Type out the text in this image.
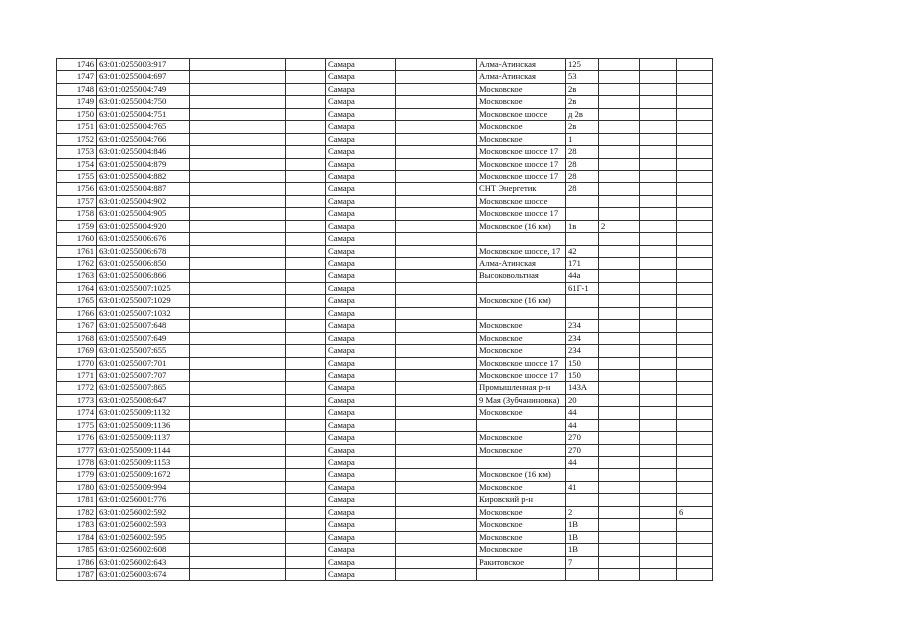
1746	63:01:0255003:917			Самара		Алма-Атинская	125			
1747	63:01:0255004:697			Самара		Алма-Атинская	53			
1748	63:01:0255004:749			Самара		Московское	2в			
1749	63:01:0255004:750			Самара		Московское	2в			
1750	63:01:0255004:751			Самара		Московское шоссе	д 2в			
1751	63:01:0255004:765			Самара		Московское	2в			
1752	63:01:0255004:766			Самара		Московское	1			
1753	63:01:0255004:846			Самара		Московское шоссе 17	28			
1754	63:01:0255004:879			Самара		Московское шоссе 17	28			
1755	63:01:0255004:882			Самара		Московское шоссе 17	28			
1756	63:01:0255004:887			Самара		СНТ Энергетик	28			
1757	63:01:0255004:902			Самара		Московское шоссе				
1758	63:01:0255004:905			Самара		Московское шоссе 17				
1759	63:01:0255004:920			Самара		Московское (16 км)	1в	2		
1760	63:01:0255006:676			Самара						
1761	63:01:0255006:678			Самара		Московское шоссе, 17	42			
1762	63:01:0255006:850			Самара		Алма-Атинская	171			
1763	63:01:0255006:866			Самара		Высоковольтная	44а			
1764	63:01:0255007:1025			Самара			61Г-1			
1765	63:01:0255007:1029			Самара		Московское (16 км)				
1766	63:01:0255007:1032			Самара						
1767	63:01:0255007:648			Самара		Московское	234			
1768	63:01:0255007:649			Самара		Московское	234			
1769	63:01:0255007:655			Самара		Московское	234			
1770	63:01:0255007:701			Самара		Московское шоссе 17	150			
1771	63:01:0255007:707			Самара		Московское шоссе 17	150			
1772	63:01:0255007:865			Самара		Промышленная р-н	143А			
1773	63:01:0255008:647			Самара		9 Мая (Зубчаниновка)	20			
1774	63:01:0255009:1132			Самара		Московское	44			
1775	63:01:0255009:1136			Самара			44			
1776	63:01:0255009:1137			Самара		Московское	270			
1777	63:01:0255009:1144			Самара		Московское	270			
1778	63:01:0255009:1153			Самара			44			
1779	63:01:0255009:1672			Самара		Московское (16 км)				
1780	63:01:0255009:994			Самара		Московское	41			
1781	63:01:0256001:776			Самара		Кировский р-н				
1782	63:01:0256002:592			Самара		Московское	2			6
1783	63:01:0256002:593			Самара		Московское	1В			
1784	63:01:0256002:595			Самара		Московское	1В			
1785	63:01:0256002:608			Самара		Московское	1В			
1786	63:01:0256002:643			Самара		Ракитовское	7			
1787	63:01:0256003:674			Самара						
